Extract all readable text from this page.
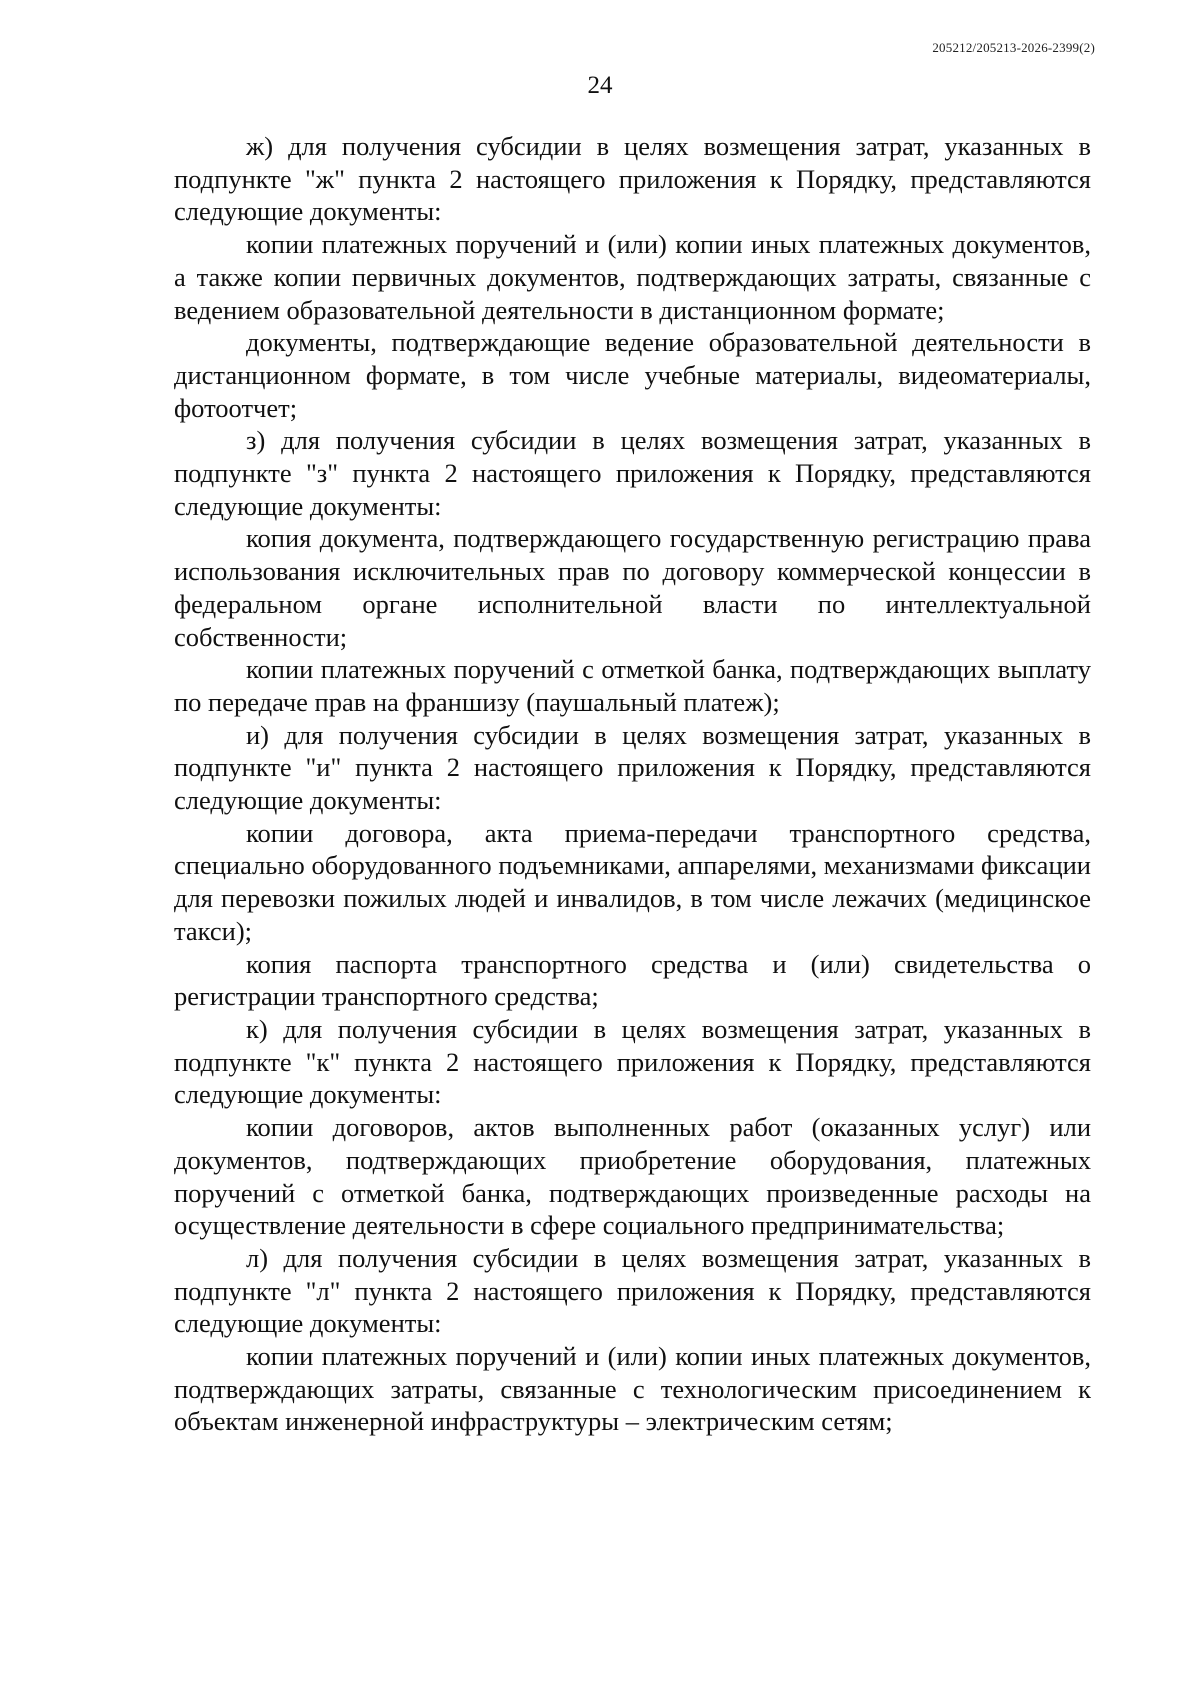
205212/205213-2026-2399(2)
24

ж) для получения субсидии в целях возмещения затрат, указанных в подпункте "ж" пункта 2 настоящего приложения к Порядку, представляются следующие документы:

копии платежных поручений и (или) копии иных платежных документов, а также копии первичных документов, подтверждающих затраты, связанные с ведением образовательной деятельности в дистанционном формате;

документы, подтверждающие ведение образовательной деятельности в дистанционном формате, в том числе учебные материалы, видеоматериалы, фотоотчет;

з) для получения субсидии в целях возмещения затрат, указанных в подпункте "з" пункта 2 настоящего приложения к Порядку, представляются следующие документы:

копия документа, подтверждающего государственную регистрацию права использования исключительных прав по договору коммерческой концессии в федеральном органе исполнительной власти по интеллектуальной собственности;

копии платежных поручений с отметкой банка, подтверждающих выплату по передаче прав на франшизу (паушальный платеж);

и) для получения субсидии в целях возмещения затрат, указанных в подпункте "и" пункта 2 настоящего приложения к Порядку, представляются следующие документы:

копии договора, акта приема-передачи транспортного средства, специально оборудованного подъемниками, аппарелями, механизмами фиксации для перевозки пожилых людей и инвалидов, в том числе лежачих (медицинское такси);

копия паспорта транспортного средства и (или) свидетельства о регистрации транспортного средства;

к) для получения субсидии в целях возмещения затрат, указанных в подпункте "к" пункта 2 настоящего приложения к Порядку, представляются следующие документы:

копии договоров, актов выполненных работ (оказанных услуг) или документов, подтверждающих приобретение оборудования, платежных поручений с отметкой банка, подтверждающих произведенные расходы на осуществление деятельности в сфере социального предпринимательства;

л) для получения субсидии в целях возмещения затрат, указанных в подпункте "л" пункта 2 настоящего приложения к Порядку, представляются следующие документы:

копии платежных поручений и (или) копии иных платежных документов, подтверждающих затраты, связанные с технологическим присоединением к объектам инженерной инфраструктуры – электрическим сетям;
